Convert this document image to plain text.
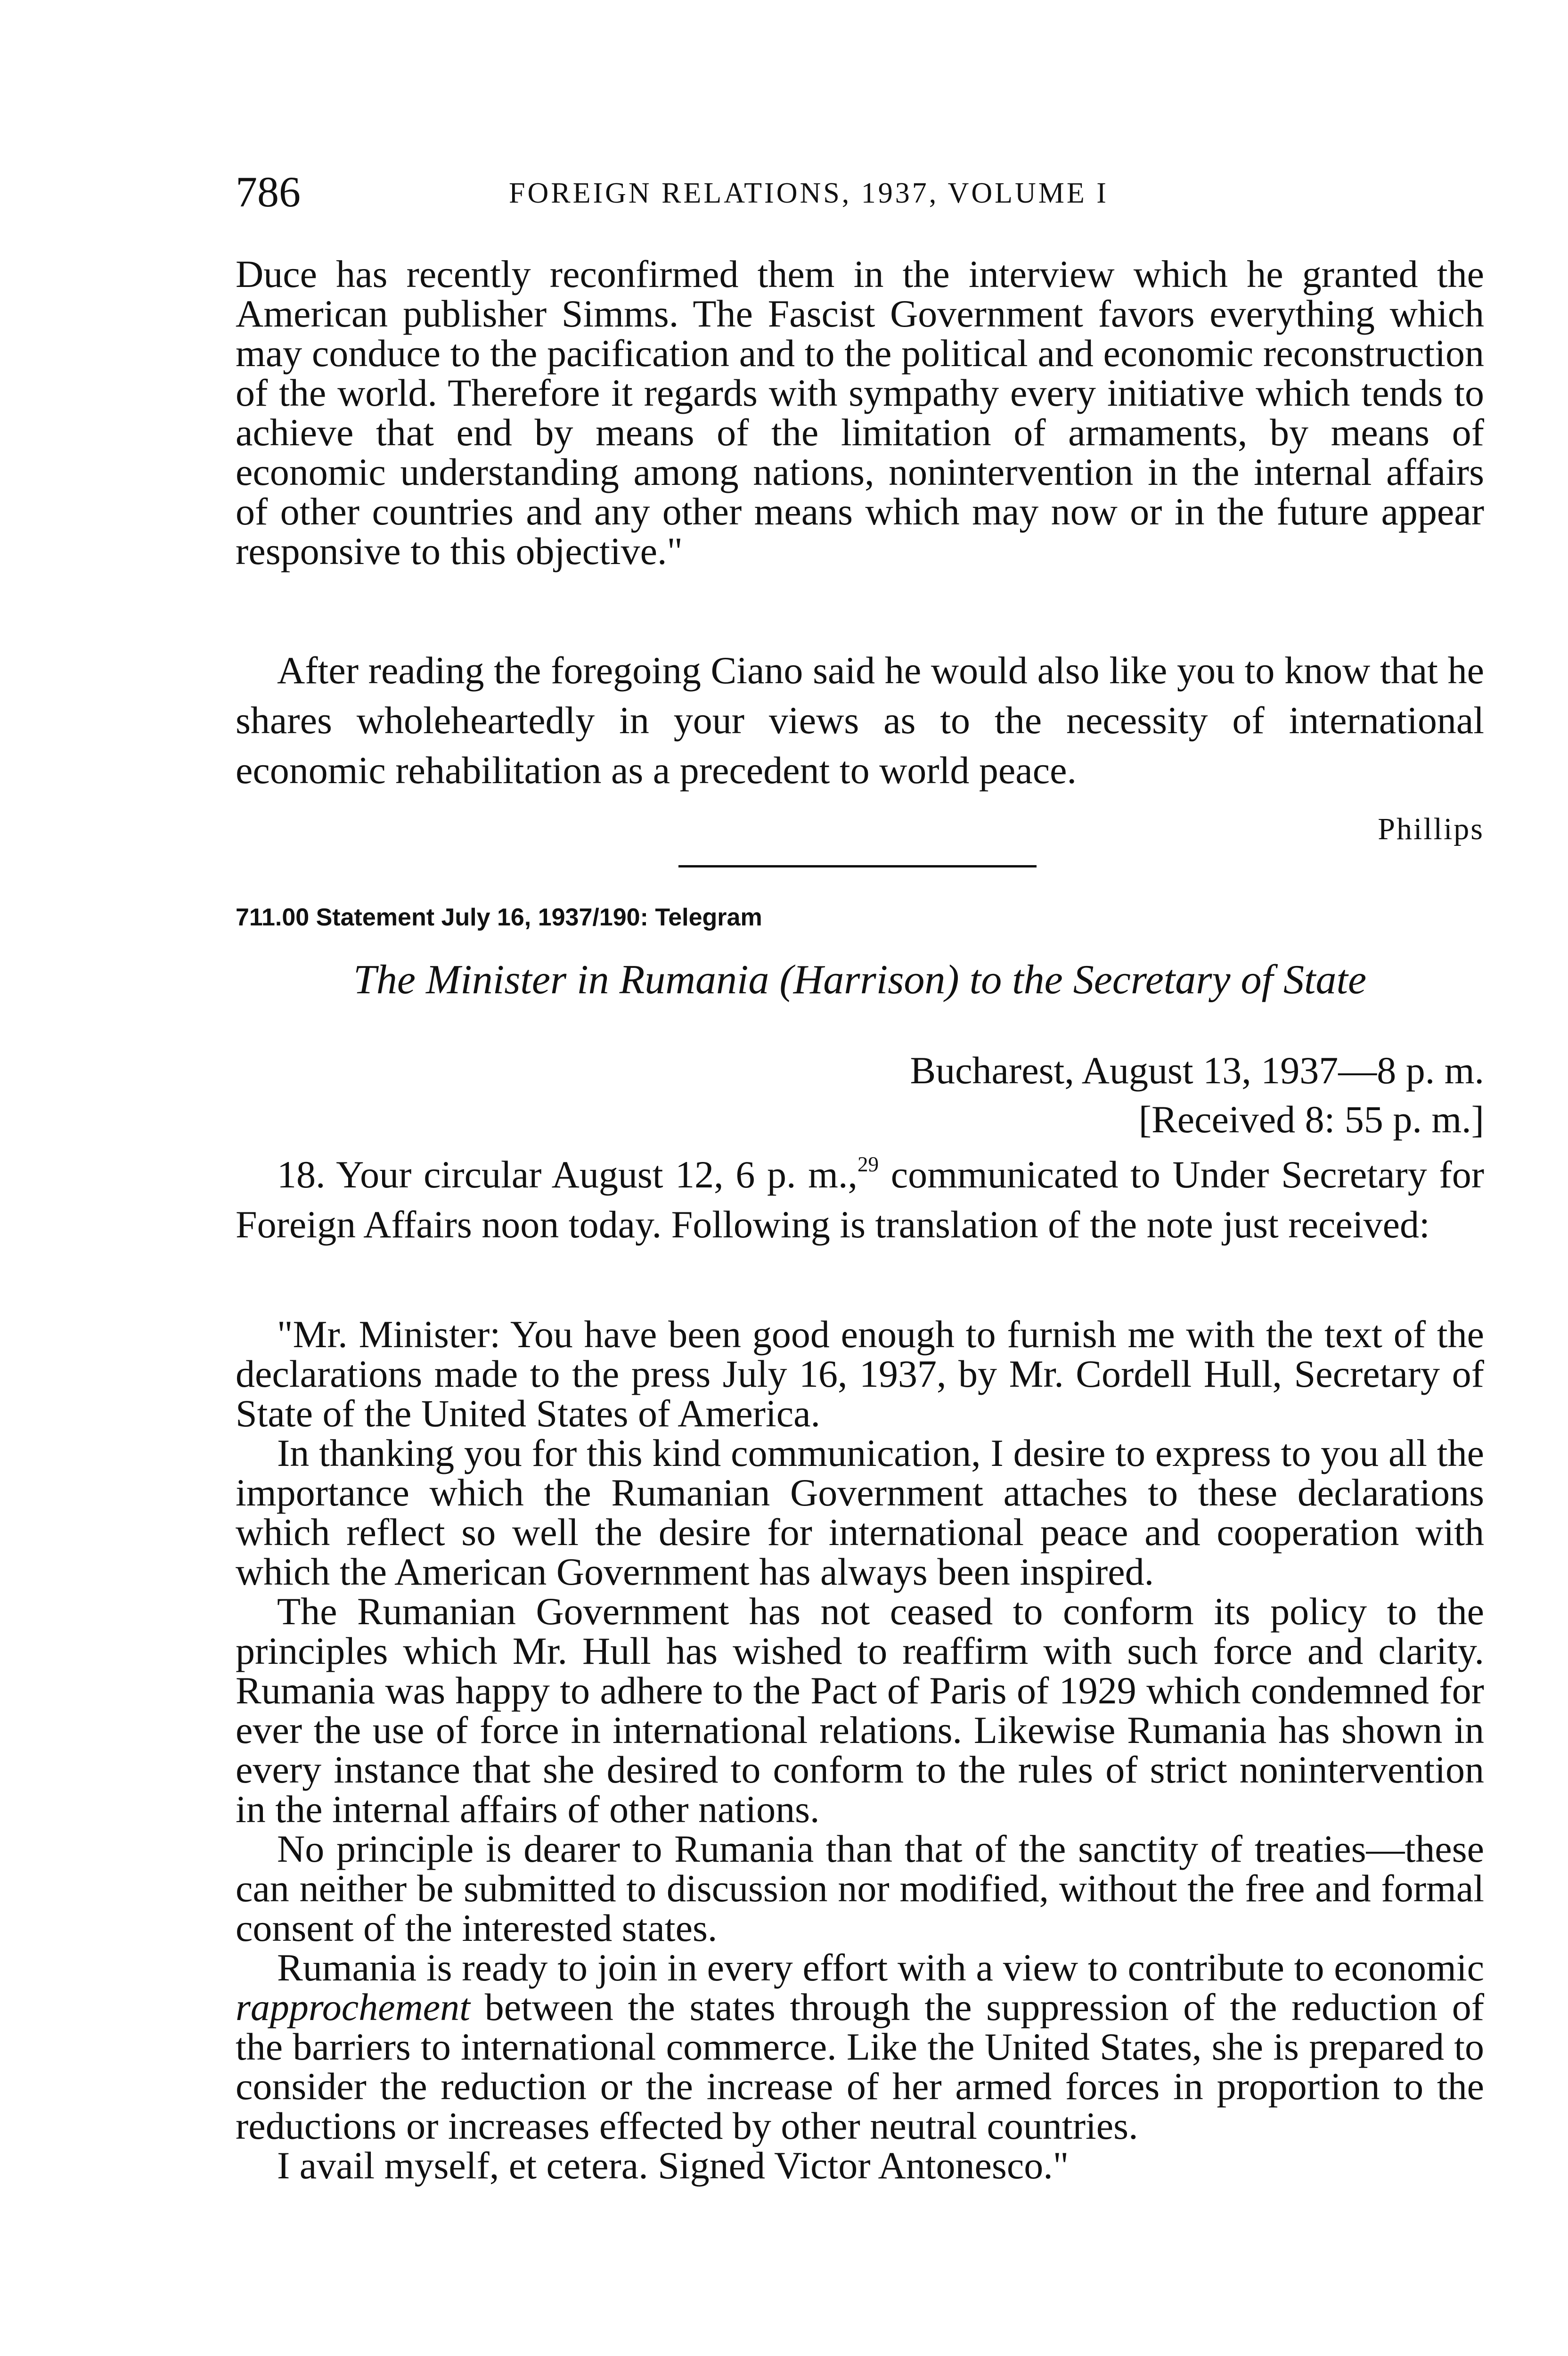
786	FOREIGN RELATIONS, 1937, VOLUME I

Duce has recently reconfirmed them in the interview which he granted the American publisher Simms. The Fascist Government favors everything which may conduce to the pacification and to the political and economic reconstruction of the world. Therefore it regards with sympathy every initiative which tends to achieve that end by means of the limitation of armaments, by means of economic understanding among nations, nonintervention in the internal affairs of other countries and any other means which may now or in the future appear responsive to this objective."

After reading the foregoing Ciano said he would also like you to know that he shares wholeheartedly in your views as to the necessity of international economic rehabilitation as a precedent to world peace.

Phillips
711.00 Statement July 16, 1937/190: Telegram
The Minister in Rumania (Harrison) to the Secretary of State
Bucharest, August 13, 1937—8 p. m.
[Received 8: 55 p. m.]

18. Your circular August 12, 6 p. m.,$^{29}$ communicated to Under Secretary for Foreign Affairs noon today. Following is translation of the note just received:

"Mr. Minister: You have been good enough to furnish me with the text of the declarations made to the press July 16, 1937, by Mr. Cordell Hull, Secretary of State of the United States of America.

In thanking you for this kind communication, I desire to express to you all the importance which the Rumanian Government attaches to these declarations which reflect so well the desire for international peace and cooperation with which the American Government has always been inspired.

The Rumanian Government has not ceased to conform its policy to the principles which Mr. Hull has wished to reaffirm with such force and clarity. Rumania was happy to adhere to the Pact of Paris of 1929 which condemned for ever the use of force in international relations. Likewise Rumania has shown in every instance that she desired to conform to the rules of strict nonintervention in the internal affairs of other nations.

No principle is dearer to Rumania than that of the sanctity of treaties—these can neither be submitted to discussion nor modified, without the free and formal consent of the interested states.

Rumania is ready to join in every effort with a view to contribute to economic rapprochement between the states through the suppression of the reduction of the barriers to international commerce. Like the United States, she is prepared to consider the reduction or the increase of her armed forces in proportion to the reductions or increases effected by other neutral countries.

I avail myself, et cetera. Signed Victor Antonesco."
